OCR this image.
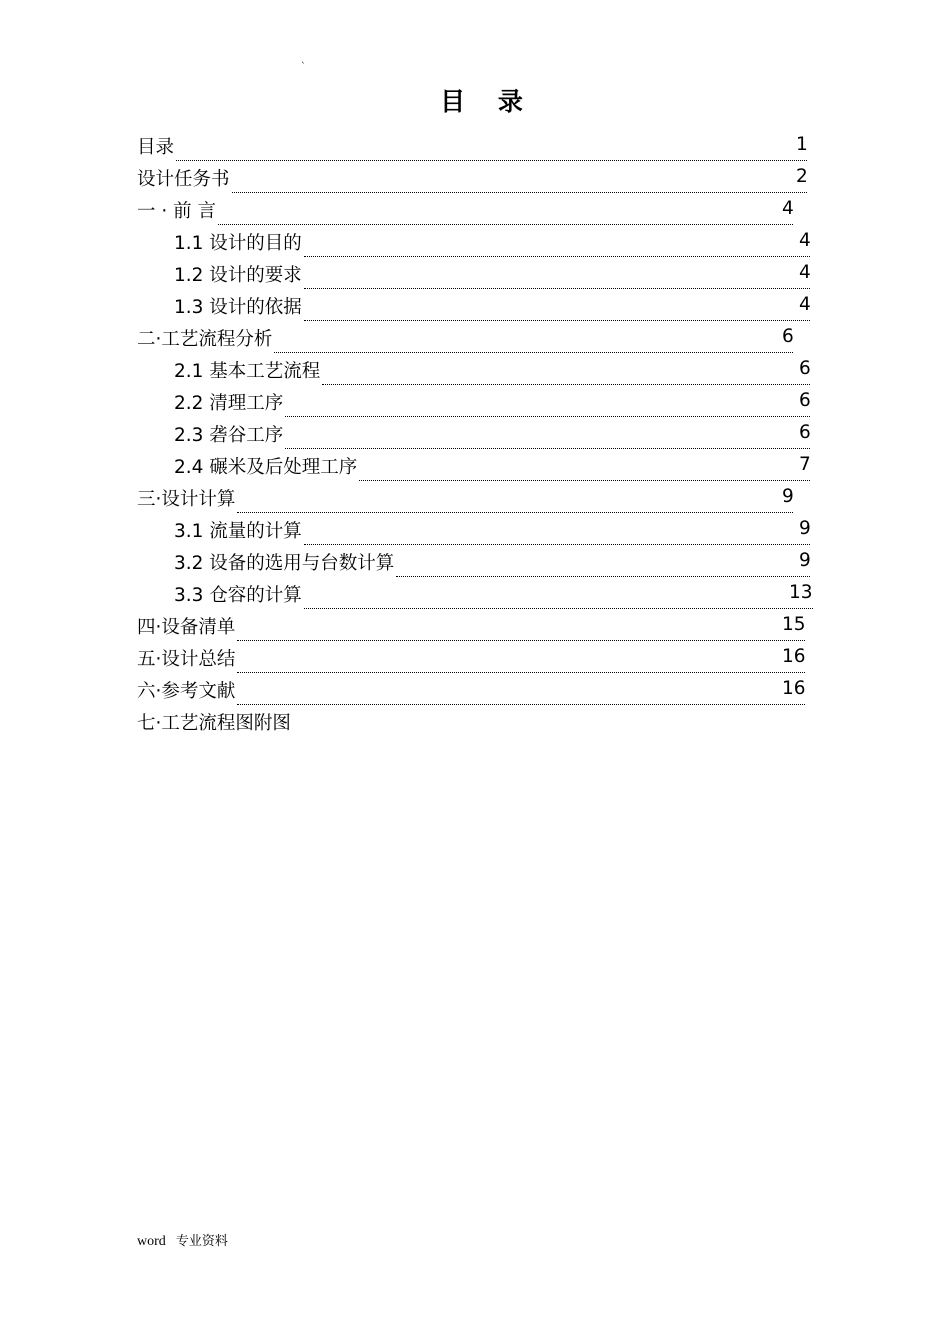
`
目 录
目录	1
设计任务书	2
一 · 前 言	4
1.1 设计的目的	4
1.2 设计的要求	4
1.3 设计的依据	4
二·工艺流程分析	6
2.1 基本工艺流程	6
2.2 清理工序	6
2.3 砻谷工序	6
2.4 碾米及后处理工序	7
三·设计计算	9
3.1 流量的计算	9
3.2 设备的选用与台数计算	9
3.3 仓容的计算	13
四·设备清单	15
五·设计总结	16
六·参考文献	16
七·工艺流程图附图
word 专业资料
